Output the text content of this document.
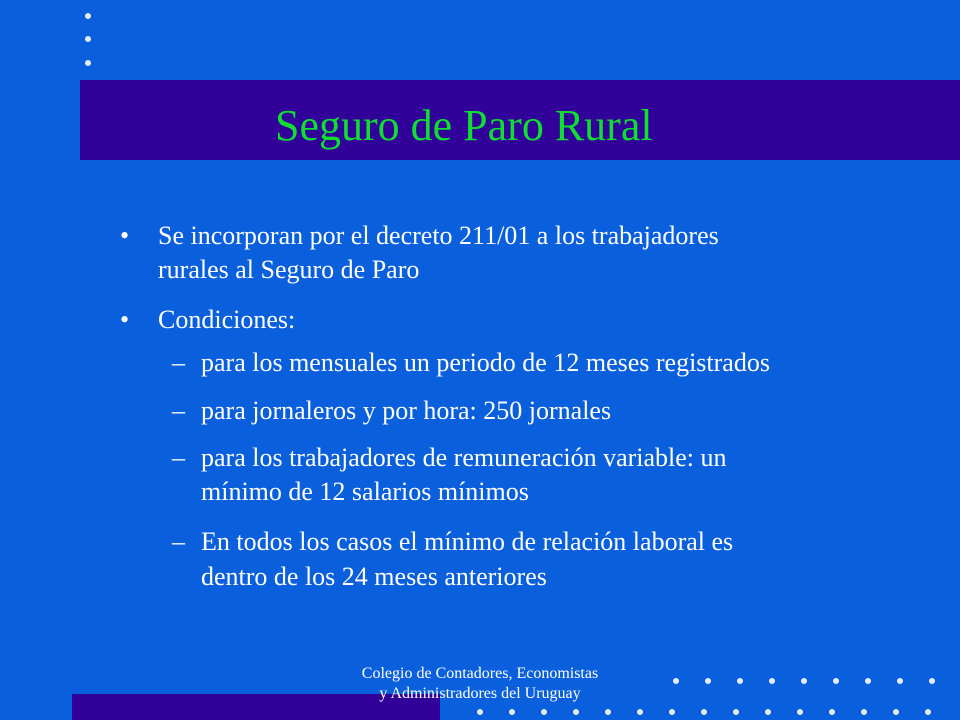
Seguro de Paro Rural
• Se incorporan por el decreto 211/01 a los trabajadores
rurales al Seguro de Paro
• Condiciones:
– para los mensuales un periodo de 12 meses registrados
– para jornaleros y por hora: 250 jornales
– para los trabajadores de remuneración variable: un
mínimo de 12 salarios mínimos
– En todos los casos el mínimo de relación laboral es
dentro de los 24 meses anteriores
Colegio de Contadores, Economistas
y Administradores del Uruguay
